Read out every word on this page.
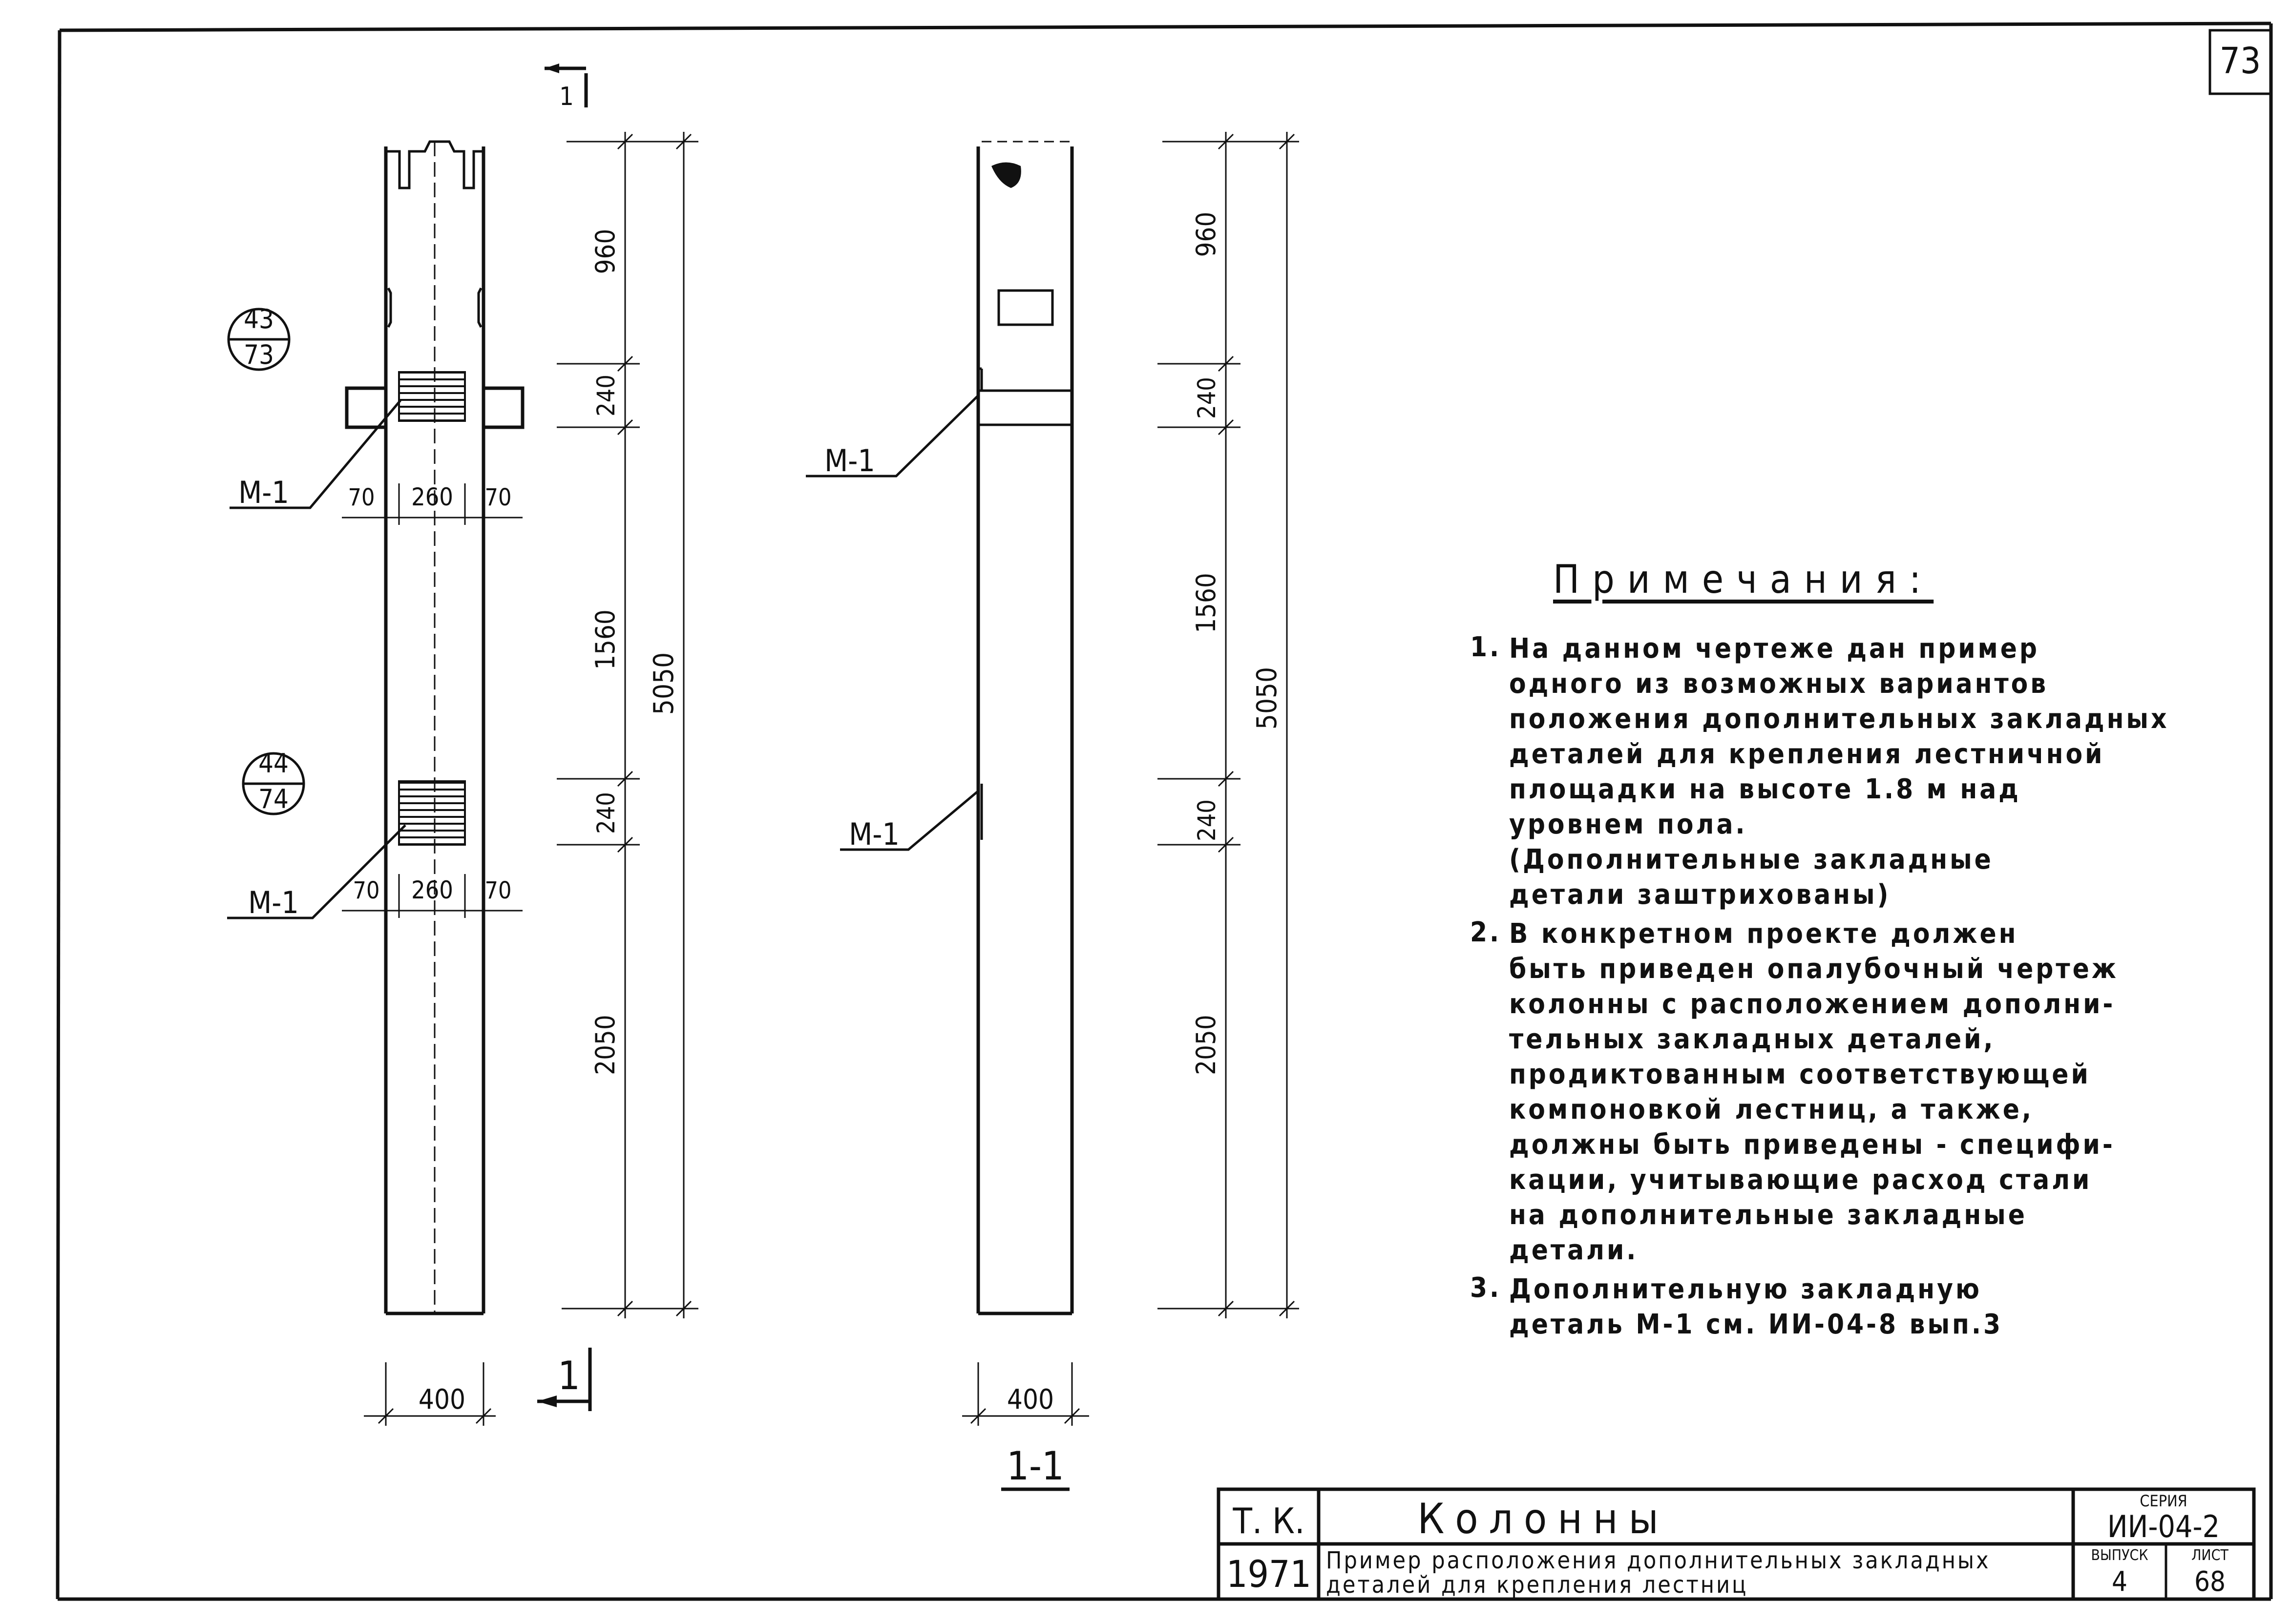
73
1
1
43
73
44
74
М-1
М-1
70 260 70
70 260 70
400
960
240
1560
240
2050
5050
М-1
М-1
400
1-1
960
240
1560
240
2050
5050
Т. К.
1971
Колонны
Пример расположения дополнительных закладных
деталей для крепления лестниц
СЕРИЯ
ИИ-04-2
ВЫПУСК
4
ЛИСТ
68
Примечания:
1. На данном чертеже дан пример
одного из возможных вариантов
положения дополнительных закладных
деталей для крепления лестничной
площадки на высоте 1.8 м над
уровнем пола.
(Дополнительные закладные
детали заштрихованы)
2. В конкретном проекте должен
быть приведен опалубочный чертеж
колонны с расположением дополни-
тельных закладных деталей,
продиктованным соответствующей
компоновкой лестниц, а также,
должны быть приведены - специфи-
кации, учитывающие расход стали
на дополнительные закладные
детали.
3. Дополнительную закладную
деталь М-1 см. ИИ-04-8 вып.3
